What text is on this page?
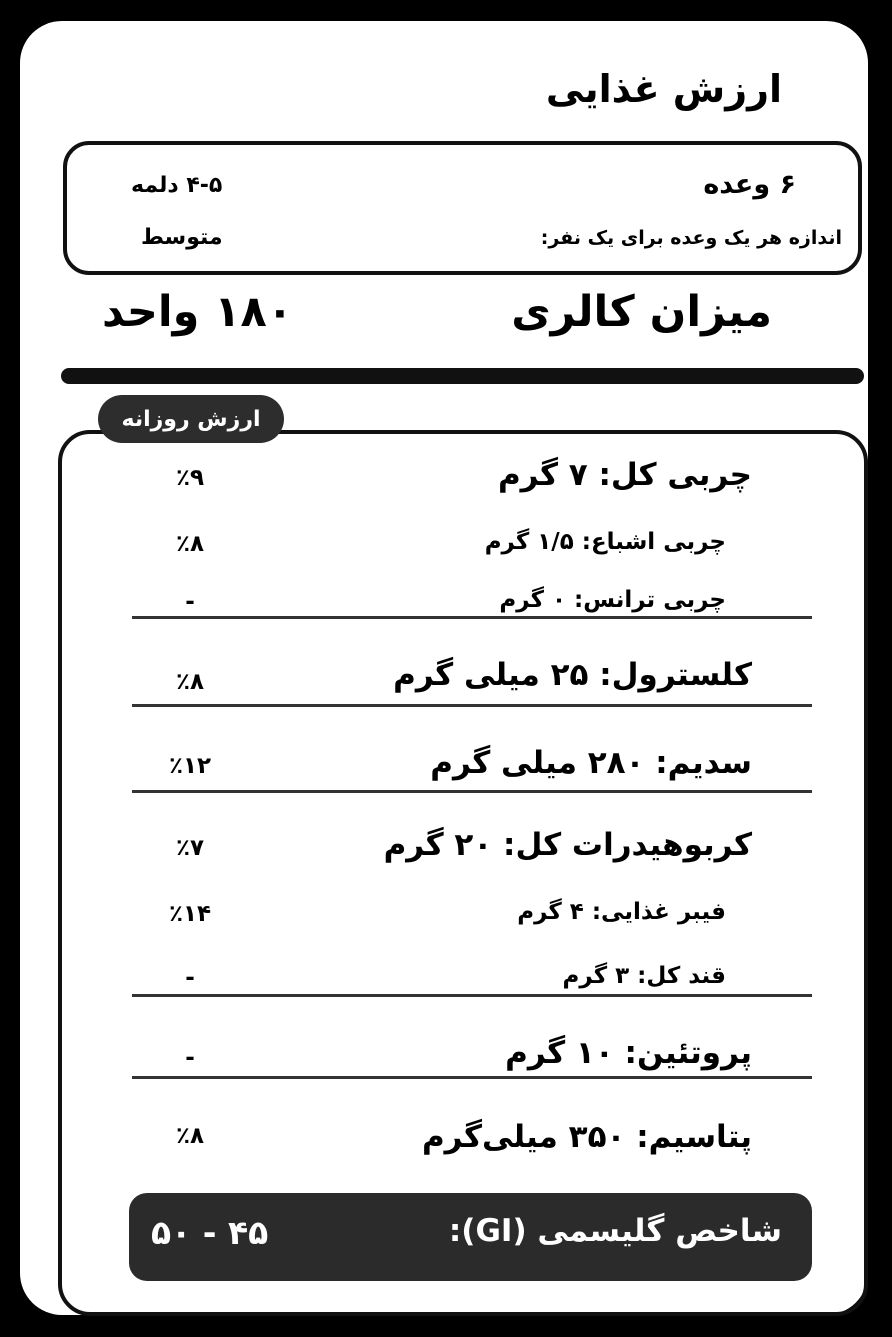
ارزش غذایی
۶ وعده
اندازه هر یک وعده برای یک نفر:
۴-۵ دلمه
متوسط
میزان کالری
۱۸۰ واحد
ارزش روزانه
چربی کل: ۷ گرم
٪۹
چربی اشباع: ۱/۵ گرم
٪۸
چربی ترانس: ۰ گرم
-
کلسترول: ۲۵ میلی گرم
٪۸
سدیم: ۲۸۰ میلی گرم
٪۱۲
کربوهیدرات کل: ۲۰ گرم
٪۷
فیبر غذایی: ۴ گرم
٪۱۴
قند کل: ۳ گرم
-
پروتئین: ۱۰ گرم
-
پتاسیم: ۳۵۰ میلی‌گرم
٪۸
شاخص گلیسمی (GI):
۴۵ - ۵۰
